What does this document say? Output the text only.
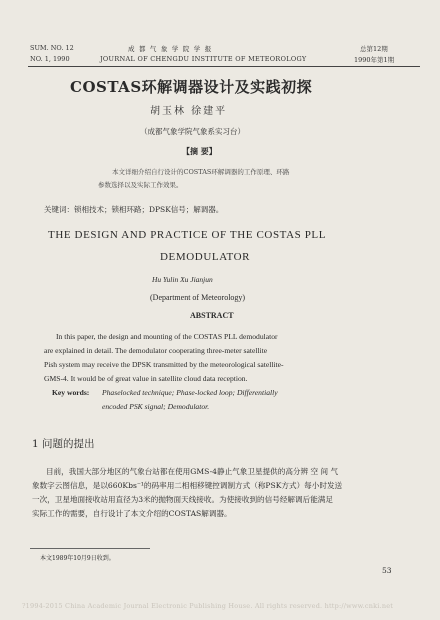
SUM. NO. 12
NO. 1, 1990
成 都 气 象 学 院 学 报
JOURNAL OF CHENGDU INSTITUTE OF METEOROLOGY
总第12期
1990年第1期
COSTAS环解调器设计及实践初探
胡玉林 徐建平
（成都气象学院气象系实习台）
【摘 要】
本文详细介绍自行设计的COSTAS环解调器的工作原理、环路
参数选择以及实际工作效果。
关键词：锁相技术；锁相环路；DPSK信号；解调器。
THE DESIGN AND PRACTICE OF THE COSTAS PLL
DEMODULATOR
Hu Yulin Xu Jianjun
(Department of Meteorology)
ABSTRACT
In this paper, the design and mounting of the COSTAS PLL demodulator
are explained in detail. The demodulator cooperating three-meter satellite
Pish system may receive the DPSK transmitted by the meteorological satellite-
GMS-4. It would be of great value in satellite cloud data reception.
Key words: Phaselocked technique; Phase-locked loop; Differentially
encoded PSK signal; Demodulator.
1 问题的提出
目前，我国大部分地区的气象台站都在使用GMS-4静止气象卫星提供的高分辨 空 间 气
象数字云图信息，是以660Kbs⁻¹的码率用二相相移键控调制方式（称PSK方式）每小时发送
一次，卫星地面接收站用直径为3米的抛物面天线接收。为使接收到的信号经解调后能满足
实际工作的需要，自行设计了本文介绍的COSTAS解调器。
本文1989年10月9日收到。
53
?1994-2015 China Academic Journal Electronic Publishing House. All rights reserved. http://www.cnki.net
